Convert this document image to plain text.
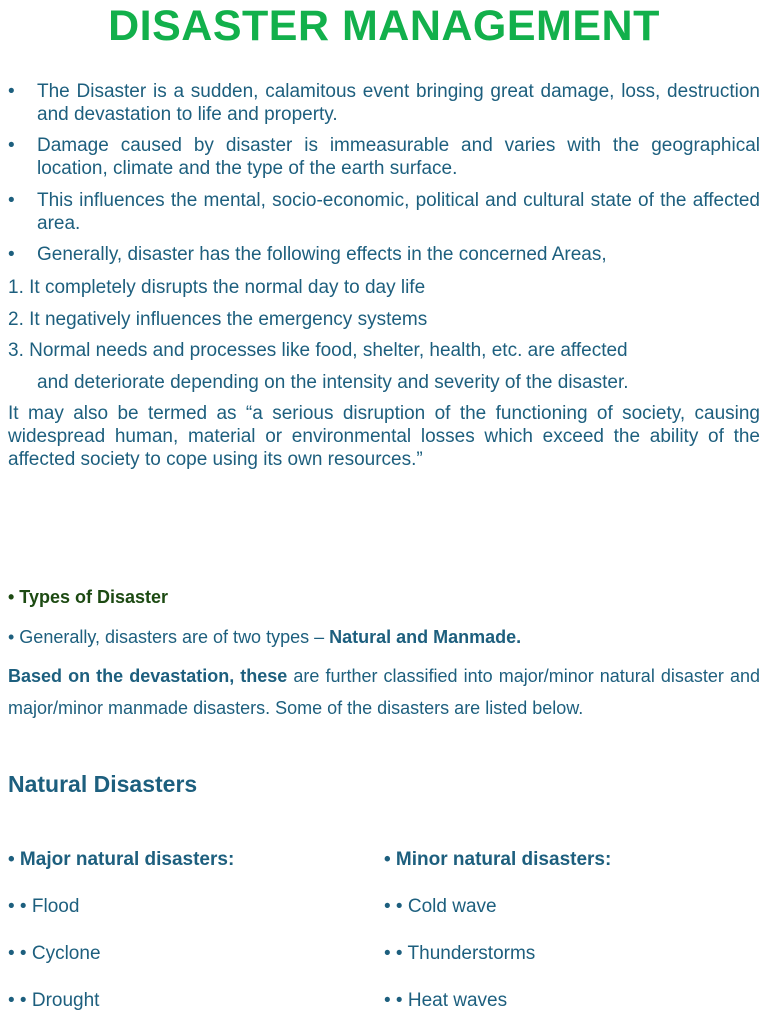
DISASTER MANAGEMENT
• The Disaster is a sudden, calamitous event bringing great damage, loss, destruction and devastation to life and property.
• Damage caused by disaster is immeasurable and varies with the geographical location, climate and the type of the earth surface.
• This influences the mental, socio-economic, political and cultural state of the affected area.
• Generally, disaster has the following effects in the concerned Areas,
1. It completely disrupts the normal day to day life
2. It negatively influences the emergency systems
3. Normal needs and processes like food, shelter, health, etc. are affected
and deteriorate depending on the intensity and severity of the disaster.
It may also be termed as “a serious disruption of the functioning of society, causing widespread human, material or environmental losses which exceed the ability of the affected society to cope using its own resources.”
• Types of Disaster
• Generally, disasters are of two types – Natural and Manmade.
Based on the devastation, these are further classified into major/minor natural disaster and major/minor manmade disasters. Some of the disasters are listed below.
Natural Disasters
• Major natural disasters:
• • Flood
• • Cyclone
• • Drought
• Minor natural disasters:
• • Cold wave
• • Thunderstorms
• • Heat waves
